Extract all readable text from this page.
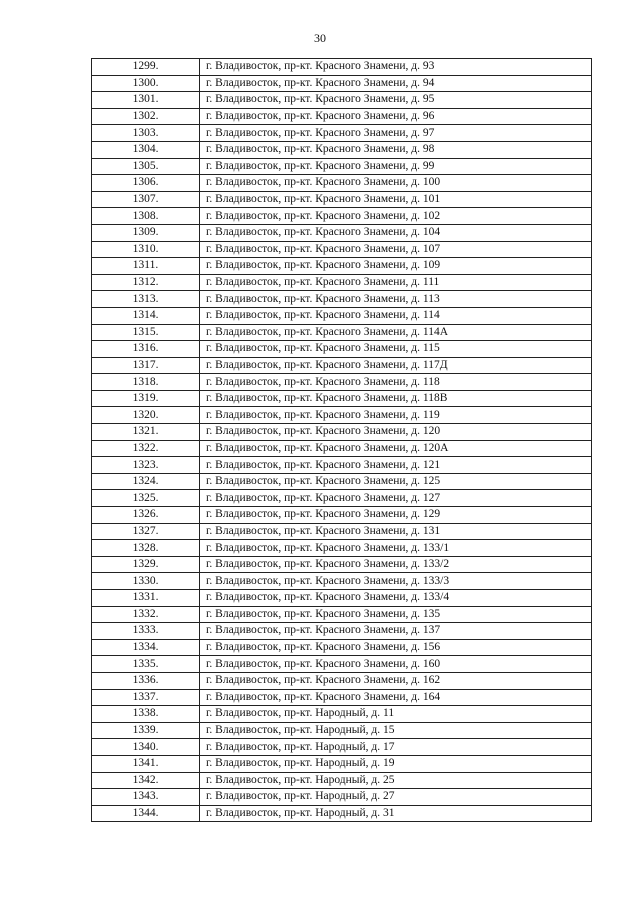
30
1299.	г. Владивосток, пр-кт. Красного Знамени, д. 93
1300.	г. Владивосток, пр-кт. Красного Знамени, д. 94
1301.	г. Владивосток, пр-кт. Красного Знамени, д. 95
1302.	г. Владивосток, пр-кт. Красного Знамени, д. 96
1303.	г. Владивосток, пр-кт. Красного Знамени, д. 97
1304.	г. Владивосток, пр-кт. Красного Знамени, д. 98
1305.	г. Владивосток, пр-кт. Красного Знамени, д. 99
1306.	г. Владивосток, пр-кт. Красного Знамени, д. 100
1307.	г. Владивосток, пр-кт. Красного Знамени, д. 101
1308.	г. Владивосток, пр-кт. Красного Знамени, д. 102
1309.	г. Владивосток, пр-кт. Красного Знамени, д. 104
1310.	г. Владивосток, пр-кт. Красного Знамени, д. 107
1311.	г. Владивосток, пр-кт. Красного Знамени, д. 109
1312.	г. Владивосток, пр-кт. Красного Знамени, д. 111
1313.	г. Владивосток, пр-кт. Красного Знамени, д. 113
1314.	г. Владивосток, пр-кт. Красного Знамени, д. 114
1315.	г. Владивосток, пр-кт. Красного Знамени, д. 114А
1316.	г. Владивосток, пр-кт. Красного Знамени, д. 115
1317.	г. Владивосток, пр-кт. Красного Знамени, д. 117Д
1318.	г. Владивосток, пр-кт. Красного Знамени, д. 118
1319.	г. Владивосток, пр-кт. Красного Знамени, д. 118В
1320.	г. Владивосток, пр-кт. Красного Знамени, д. 119
1321.	г. Владивосток, пр-кт. Красного Знамени, д. 120
1322.	г. Владивосток, пр-кт. Красного Знамени, д. 120А
1323.	г. Владивосток, пр-кт. Красного Знамени, д. 121
1324.	г. Владивосток, пр-кт. Красного Знамени, д. 125
1325.	г. Владивосток, пр-кт. Красного Знамени, д. 127
1326.	г. Владивосток, пр-кт. Красного Знамени, д. 129
1327.	г. Владивосток, пр-кт. Красного Знамени, д. 131
1328.	г. Владивосток, пр-кт. Красного Знамени, д. 133/1
1329.	г. Владивосток, пр-кт. Красного Знамени, д. 133/2
1330.	г. Владивосток, пр-кт. Красного Знамени, д. 133/3
1331.	г. Владивосток, пр-кт. Красного Знамени, д. 133/4
1332.	г. Владивосток, пр-кт. Красного Знамени, д. 135
1333.	г. Владивосток, пр-кт. Красного Знамени, д. 137
1334.	г. Владивосток, пр-кт. Красного Знамени, д. 156
1335.	г. Владивосток, пр-кт. Красного Знамени, д. 160
1336.	г. Владивосток, пр-кт. Красного Знамени, д. 162
1337.	г. Владивосток, пр-кт. Красного Знамени, д. 164
1338.	г. Владивосток, пр-кт. Народный, д. 11
1339.	г. Владивосток, пр-кт. Народный, д. 15
1340.	г. Владивосток, пр-кт. Народный, д. 17
1341.	г. Владивосток, пр-кт. Народный, д. 19
1342.	г. Владивосток, пр-кт. Народный, д. 25
1343.	г. Владивосток, пр-кт. Народный, д. 27
1344.	г. Владивосток, пр-кт. Народный, д. 31
